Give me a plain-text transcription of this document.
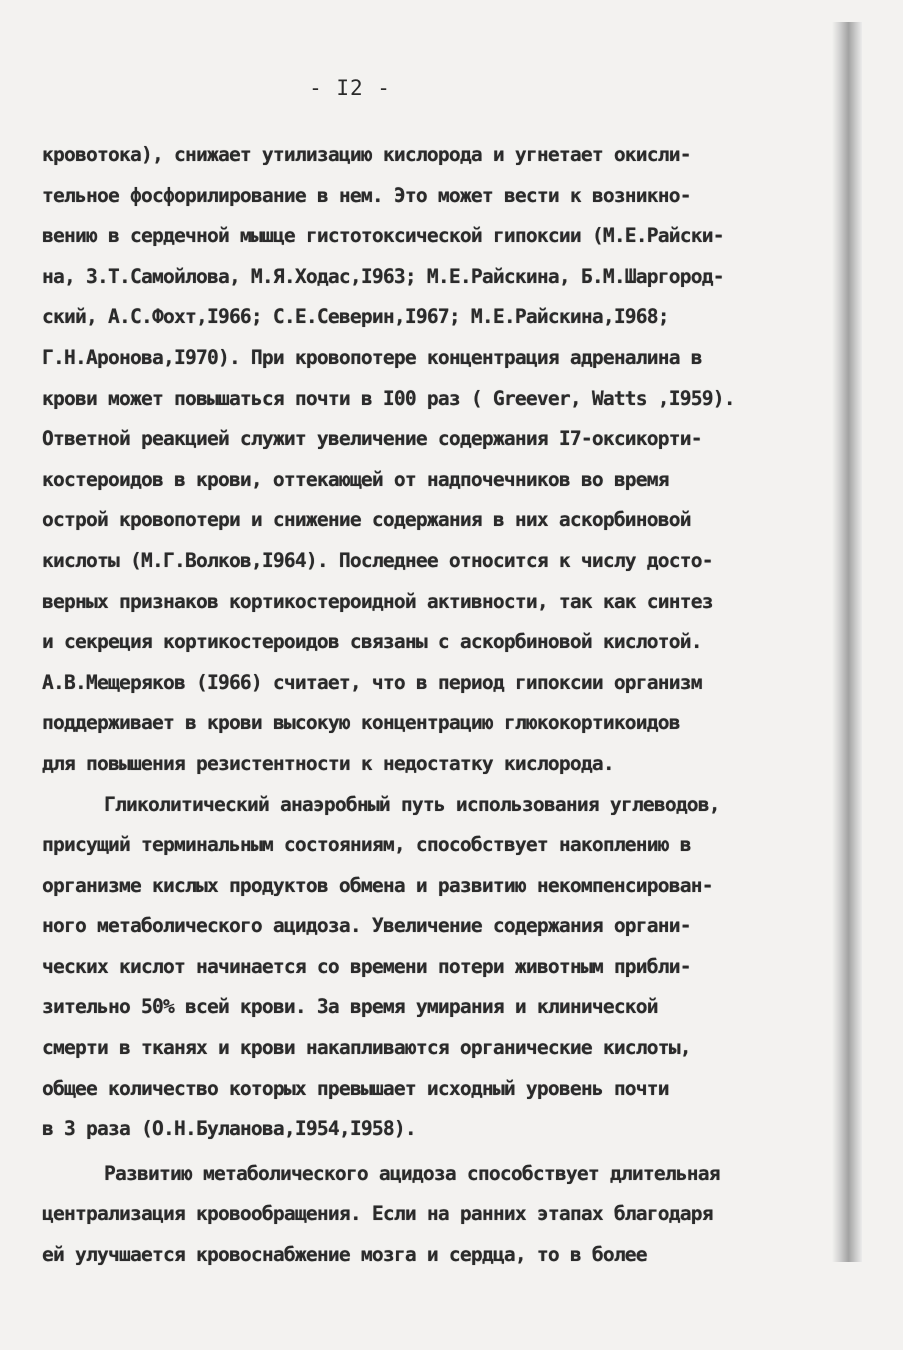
- I2 -
кровотока), снижает утилизацию кислорода и угнетает окисли-
тельное фосфорилирование в нем. Это может вести к возникно-
вению в сердечной мышце гистотоксической гипоксии (М.Е.Райски-
на, З.Т.Самойлова, М.Я.Ходас,I963; М.Е.Райскина, Б.М.Шаргород-
ский, А.С.Фохт,I966; С.Е.Северин,I967; М.Е.Райскина,I968;
Г.Н.Аронова,I970). При кровопотере концентрация адреналина в
крови может повышаться почти в I00 раз ( Greever, Watts ,I959).
Ответной реакцией служит увеличение содержания I7-оксикорти-
костероидов в крови, оттекающей от надпочечников во время
острой кровопотери и снижение содержания в них аскорбиновой
кислоты (М.Г.Волков,I964). Последнее относится к числу досто-
верных признаков кортикостероидной активности, так как синтез
и секреция кортикостероидов связаны с аскорбиновой кислотой.
А.В.Мещеряков (I966) считает, что в период гипоксии организм
поддерживает в крови высокую концентрацию глюкокортикоидов
для повышения резистентности к недостатку кислорода.
Гликолитический анаэробный путь использования углеводов,
присущий терминальным состояниям, способствует накоплению в
организме кислых продуктов обмена и развитию некомпенсирован-
ного метаболического ацидоза. Увеличение содержания органи-
ческих кислот начинается со времени потери животным прибли-
зительно 50% всей крови. За время умирания и клинической
смерти в тканях и крови накапливаются органические кислоты,
общее количество которых превышает исходный уровень почти
в 3 раза (О.Н.Буланова,I954,I958).
Развитию метаболического ацидоза способствует длительная
централизация кровообращения. Если на ранних этапах благодаря
ей улучшается кровоснабжение мозга и сердца, то в более
